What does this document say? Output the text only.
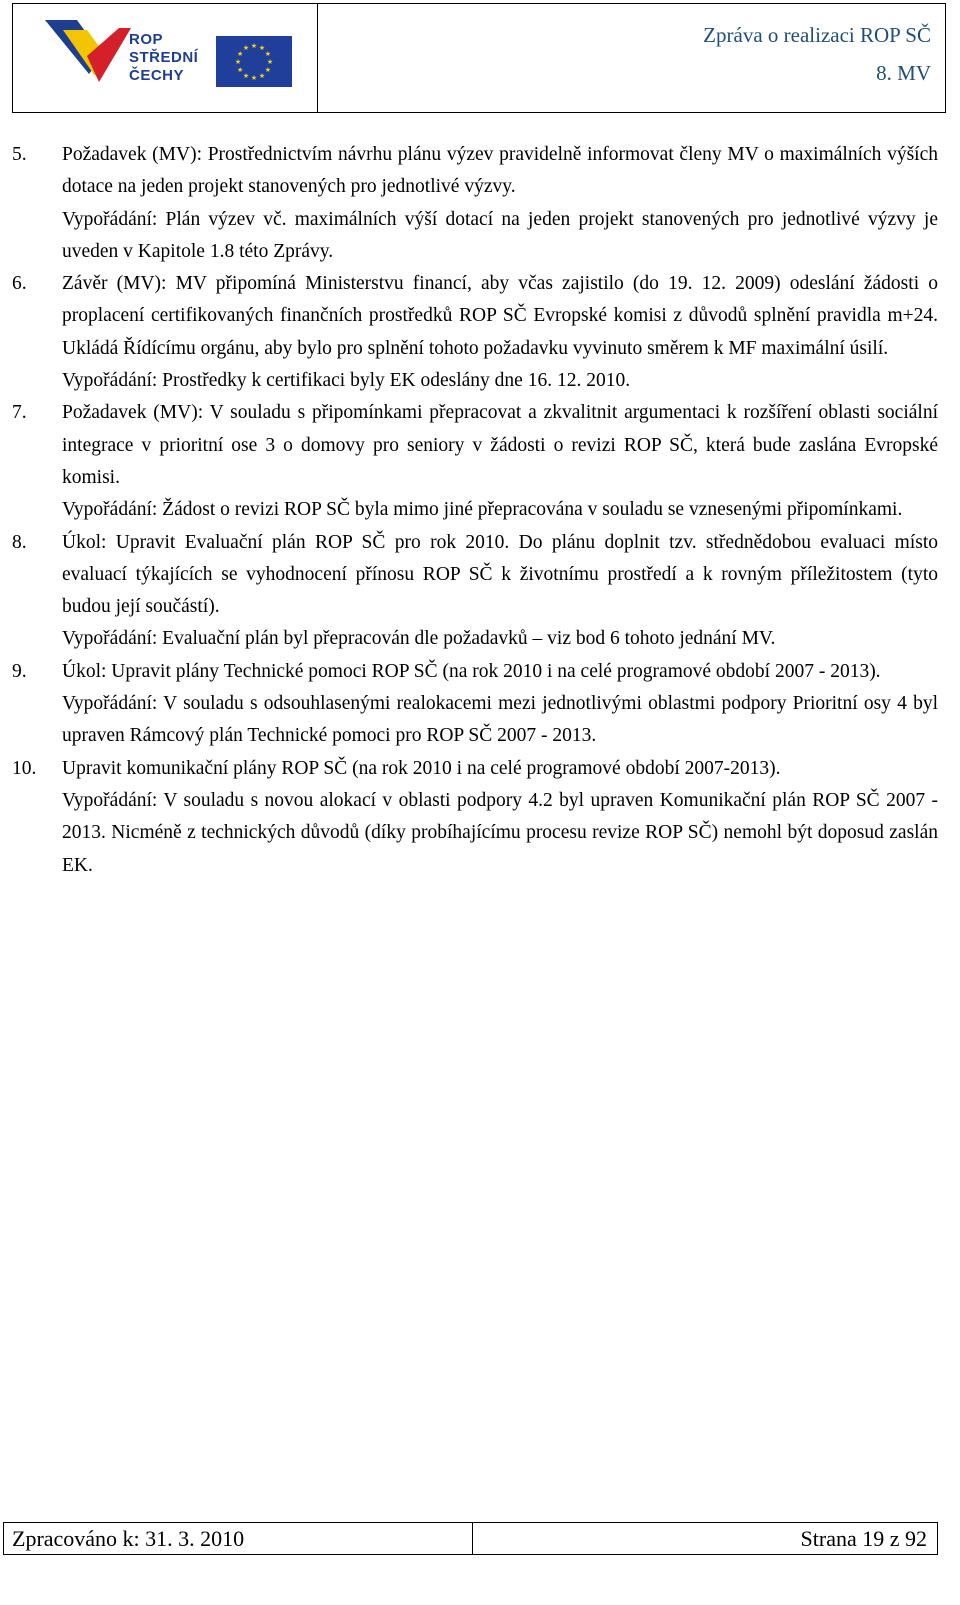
ROP
STŘEDNÍ
ČECHY
★ ★
★
★
★
★
★
★
★
★
★
★
Zpráva o realizaci ROP SČ
8. MV
5. Požadavek (MV): Prostřednictvím návrhu plánu výzev pravidelně informovat členy MV o maximálních výších dotace na jeden projekt stanovených pro jednotlivé výzvy.
Vypořádání: Plán výzev vč. maximálních výší dotací na jeden projekt stanovených pro jednotlivé výzvy je uveden v Kapitole 1.8 této Zprávy.
6. Závěr (MV): MV připomíná Ministerstvu financí, aby včas zajistilo (do 19. 12. 2009) odeslání žádosti o proplacení certifikovaných finančních prostředků ROP SČ Evropské komisi z důvodů splnění pravidla m+24. Ukládá Řídícímu orgánu, aby bylo pro splnění tohoto požadavku vyvinuto směrem k MF maximální úsilí.
Vypořádání: Prostředky k certifikaci byly EK odeslány dne 16. 12. 2010.
7. Požadavek (MV): V souladu s připomínkami přepracovat a zkvalitnit argumentaci k rozšíření oblasti sociální integrace v prioritní ose 3 o domovy pro seniory v žádosti o revizi ROP SČ, která bude zaslána Evropské komisi.
Vypořádání: Žádost o revizi ROP SČ byla mimo jiné přepracována v souladu se vznesenými připomínkami.
8. Úkol: Upravit Evaluační plán ROP SČ pro rok 2010. Do plánu doplnit tzv. střednědobou evaluaci místo evaluací týkajících se vyhodnocení přínosu ROP SČ k životnímu prostředí a k rovným příležitostem (tyto budou její součástí).
Vypořádání: Evaluační plán byl přepracován dle požadavků – viz bod 6 tohoto jednání MV.
9. Úkol: Upravit plány Technické pomoci ROP SČ (na rok 2010 i na celé programové období 2007 - 2013).
Vypořádání: V souladu s odsouhlasenými realokacemi mezi jednotlivými oblastmi podpory Prioritní osy 4 byl upraven Rámcový plán Technické pomoci pro ROP SČ 2007 - 2013.
10. Upravit komunikační plány ROP SČ (na rok 2010 i na celé programové období 2007-2013).
Vypořádání: V souladu s novou alokací v oblasti podpory 4.2 byl upraven Komunikační plán ROP SČ 2007 - 2013. Nicméně z technických důvodů (díky probíhajícímu procesu revize ROP SČ) nemohl být doposud zaslán EK.
Zpracováno k: 31. 3. 2010	Strana 19 z 92
